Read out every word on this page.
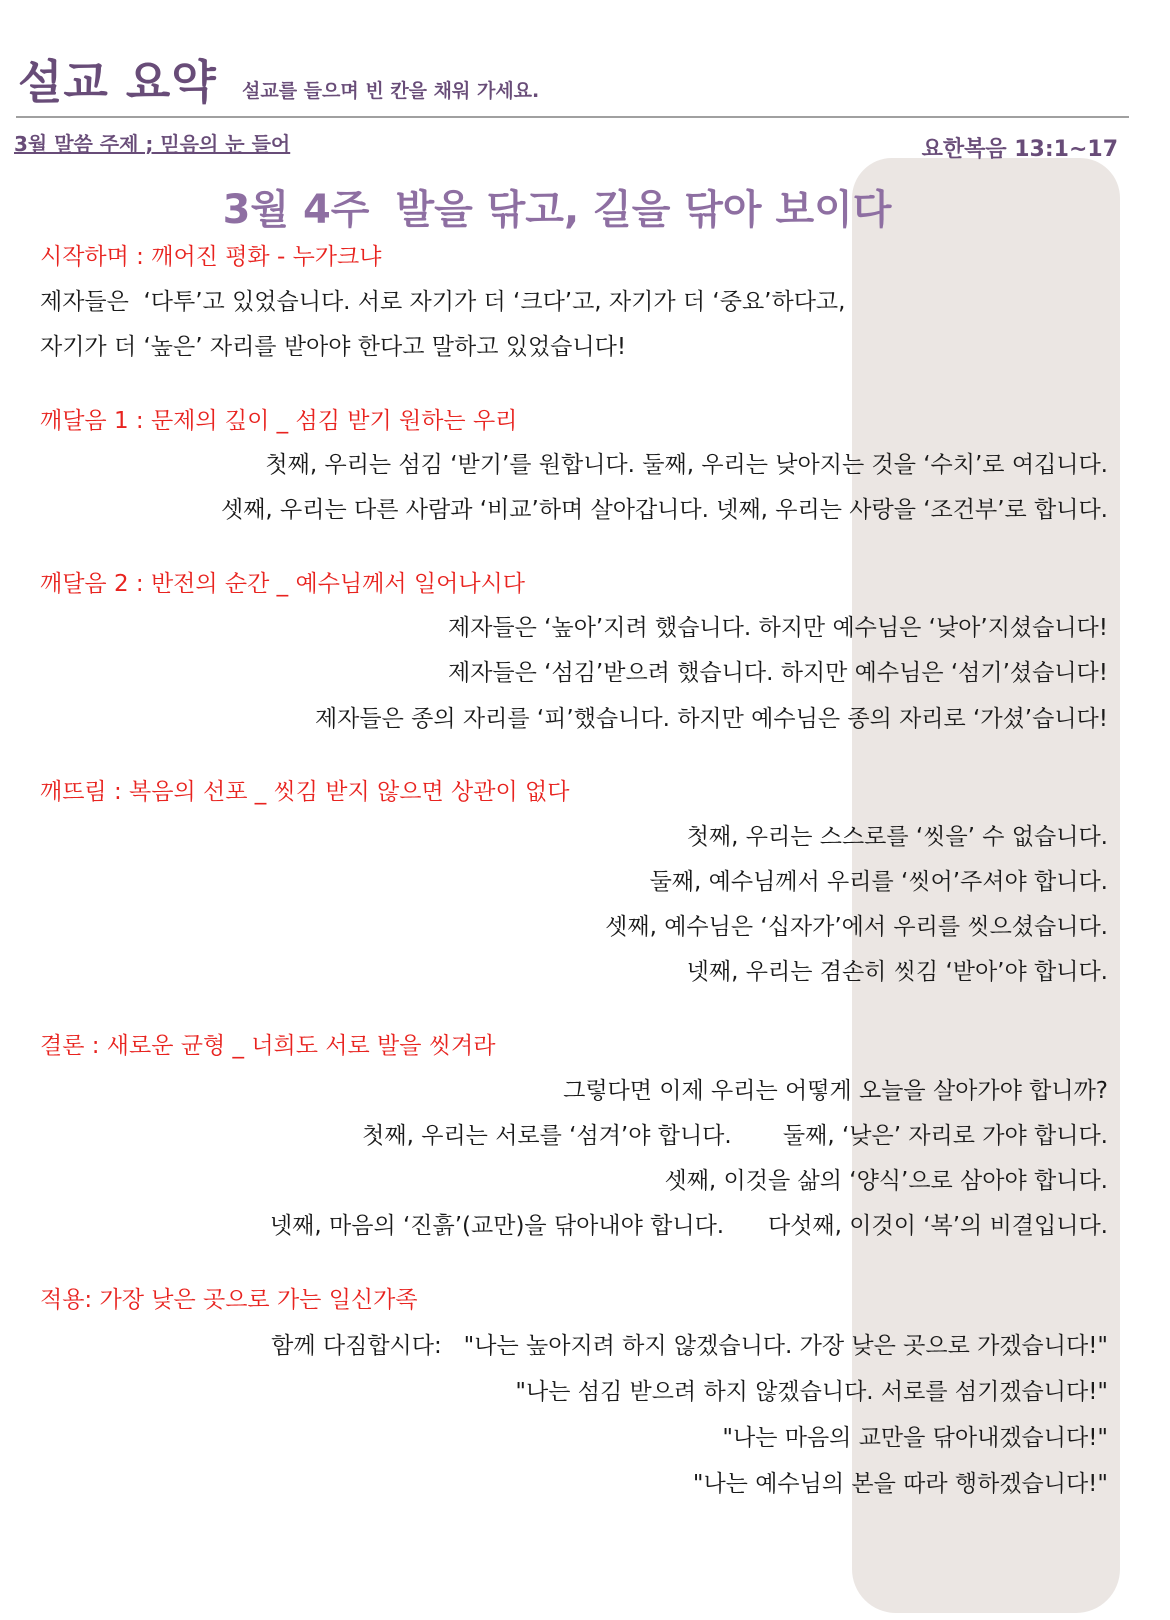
설교 요약 설교를 들으며 빈 칸을 채워 가세요.
3월 말씀 주제 ; 믿음의 눈 들어	요한복음 13:1~17
3월 4주 발을 닦고, 길을 닦아 보이다
시작하며 : 깨어진 평화 - 누가크냐
제자들은  ‘다투’고 있었습니다. 서로 자기가 더 ‘크다’고, 자기가 더 ‘중요’하다고,
자기가 더 ‘높은’ 자리를 받아야 한다고 말하고 있었습니다!
깨달음 1 : 문제의 깊이 _ 섬김 받기 원하는 우리
첫째, 우리는 섬김 ‘받기’를 원합니다. 둘째, 우리는 낮아지는 것을 ‘수치’로 여깁니다.
셋째, 우리는 다른 사람과 ‘비교’하며 살아갑니다. 넷째, 우리는 사랑을 ‘조건부’로 합니다.
깨달음 2 : 반전의 순간 _ 예수님께서 일어나시다
제자들은 ‘높아’지려 했습니다. 하지만 예수님은 ‘낮아’지셨습니다!
제자들은 ‘섬김’받으려 했습니다. 하지만 예수님은 ‘섬기’셨습니다!
제자들은 종의 자리를 ‘피’했습니다. 하지만 예수님은 종의 자리로 ‘가셨’습니다!
깨뜨림 : 복음의 선포 _ 씻김 받지 않으면 상관이 없다
첫째, 우리는 스스로를 ‘씻을’ 수 없습니다.
둘째, 예수님께서 우리를 ‘씻어’주셔야 합니다.
셋째, 예수님은 ‘십자가’에서 우리를 씻으셨습니다.
넷째, 우리는 겸손히 씻김 ‘받아’야 합니다.
결론 : 새로운 균형 _ 너희도 서로 발을 씻겨라
그렇다면 이제 우리는 어떻게 오늘을 살아가야 합니까?
첫째, 우리는 서로를 ‘섬겨’야 합니다.       둘째, ‘낮은’ 자리로 가야 합니다.
셋째, 이것을 삶의 ‘양식’으로 삼아야 합니다.
넷째, 마음의 ‘진흙’(교만)을 닦아내야 합니다.      다섯째, 이것이 ‘복’의 비결입니다.
적용: 가장 낮은 곳으로 가는 일신가족
함께 다짐합시다:   "나는 높아지려 하지 않겠습니다. 가장 낮은 곳으로 가겠습니다!"
"나는 섬김 받으려 하지 않겠습니다. 서로를 섬기겠습니다!"
"나는 마음의 교만을 닦아내겠습니다!"
"나는 예수님의 본을 따라 행하겠습니다!"
